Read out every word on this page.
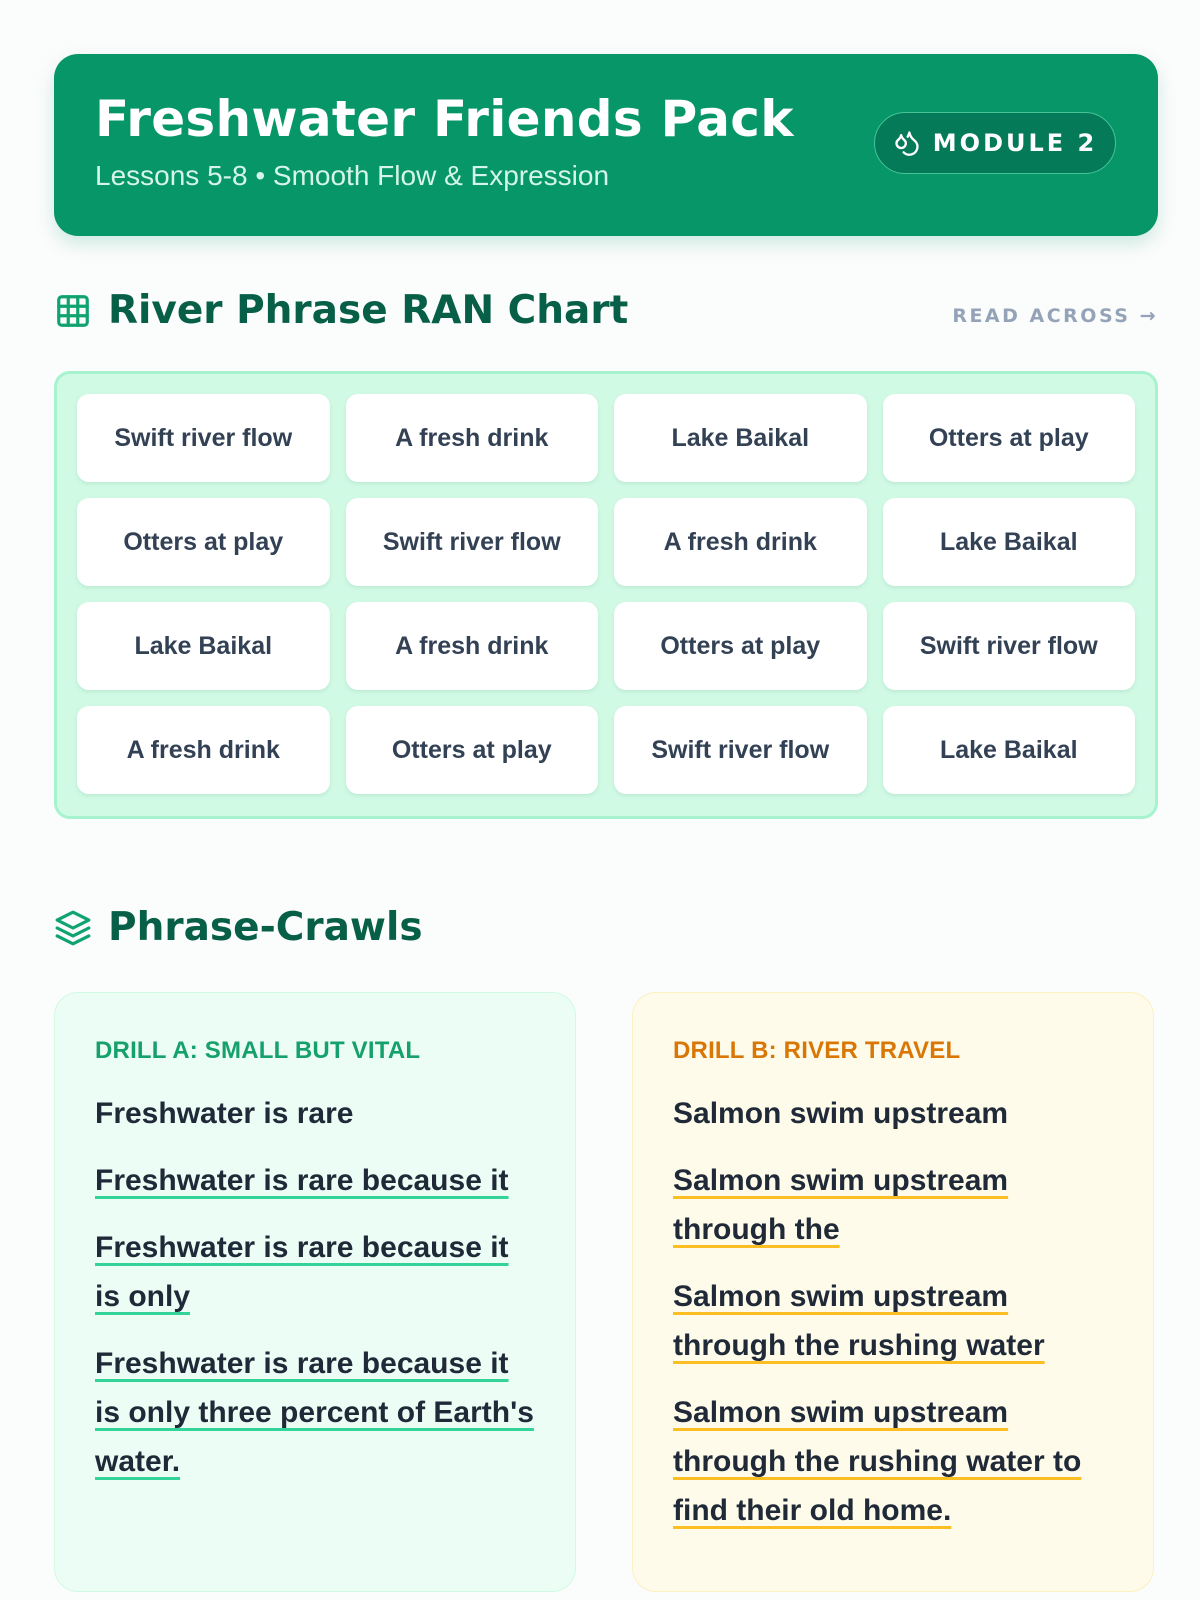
Freshwater Friends Pack
Lessons 5-8 • Smooth Flow & Expression
MODULE 2
River Phrase RAN Chart	READ ACROSS →
Swift river flow	A fresh drink	Lake Baikal	Otters at play
Otters at play	Swift river flow	A fresh drink	Lake Baikal
Lake Baikal	A fresh drink	Otters at play	Swift river flow
A fresh drink	Otters at play	Swift river flow	Lake Baikal
Phrase-Crawls
DRILL A: SMALL BUT VITAL
Freshwater is rare
Freshwater is rare because it
Freshwater is rare because it is only
Freshwater is rare because it is only three percent of Earth's water.
DRILL B: RIVER TRAVEL
Salmon swim upstream
Salmon swim upstream through the
Salmon swim upstream through the rushing water
Salmon swim upstream through the rushing water to find their old home.
